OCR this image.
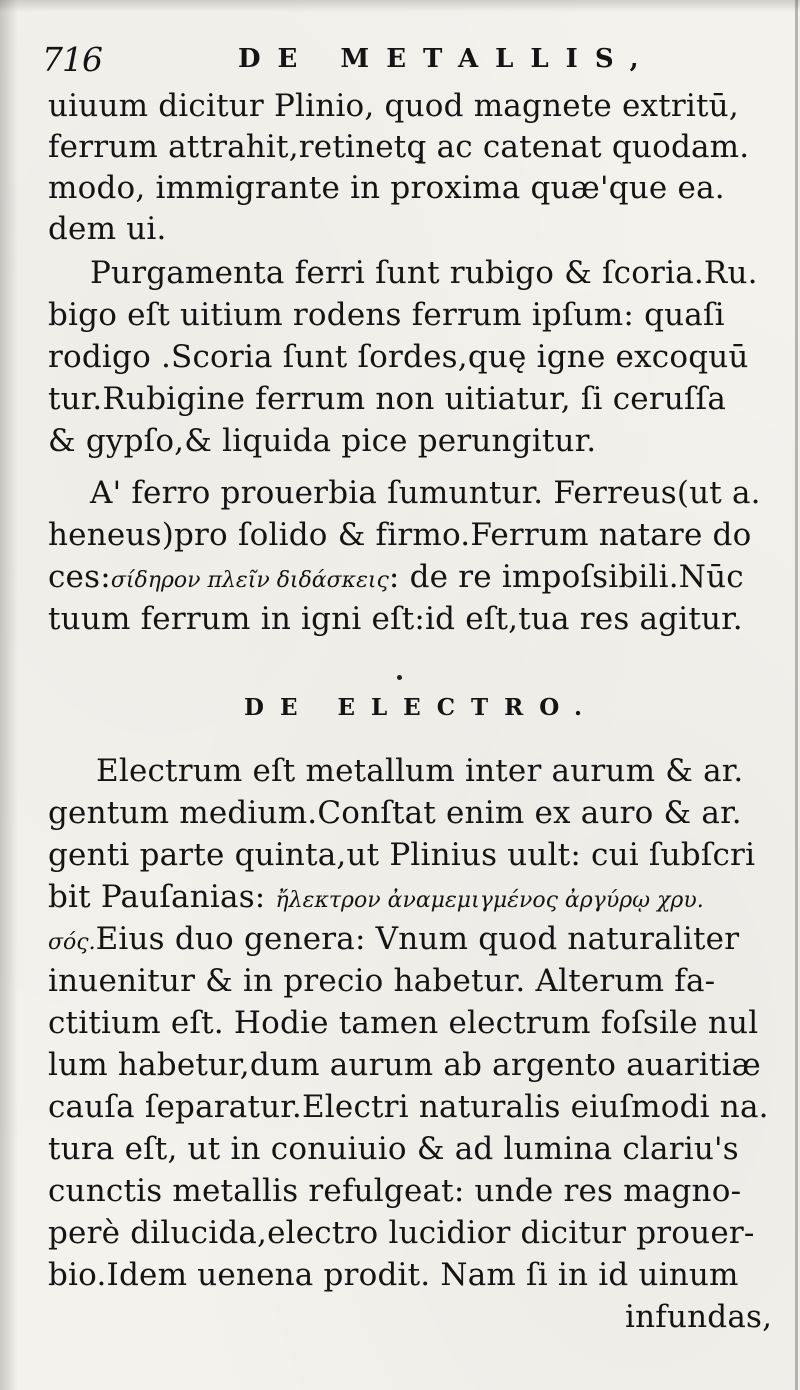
716	DE METALLIS,
uiuum dicitur Plinio, quod magnete extritū,
ferrum attrahit,retinetq̧ ac catenat quodam.
modo, immigrante in proxima quæ'que ea.
dem ui.
Purgamenta ferri ſunt rubigo & ſcoria.Ru.
bigo eſt uitium rodens ferrum ipſum: quaſi
rodigo .Scoria ſunt ſordes,quę igne excoquū
tur.Rubigine ferrum non uitiatur, ſi ceruſſa
& gypſo,& liquida pice perungitur.
A' ferro prouerbia ſumuntur. Ferreus(ut a.
heneus)pro ſolido & firmo.Ferrum natare do
ces:σίδηρον πλεῖν διδάσκεις: de re impoſsibili.Nūc
tuum ferrum in igni eſt:id eſt,tua res agitur.
DE ELECTRO.
Electrum eſt metallum inter aurum & ar.
gentum medium.Conſtat enim ex auro & ar.
genti parte quinta,ut Plinius uult: cui ſubſcri
bit Pauſanias: ἤλεκτρον ἀναμεμιγμένος ἀργύρῳ χρυ.
σός.Eius duo genera: Vnum quod naturaliter
inuenitur & in precio habetur. Alterum fa-
ctitium eſt. Hodie tamen electrum foſsile nul
lum habetur,dum aurum ab argento auaritiæ
cauſa ſeparatur.Electri naturalis eiuſmodi na.
tura eſt, ut in conuiuio & ad lumina clariu's
cunctis metallis refulgeat: unde res magno-
perè dilucida,electro lucidior dicitur prouer-
bio.Idem uenena prodit. Nam ſi in id uinum
infundas,
